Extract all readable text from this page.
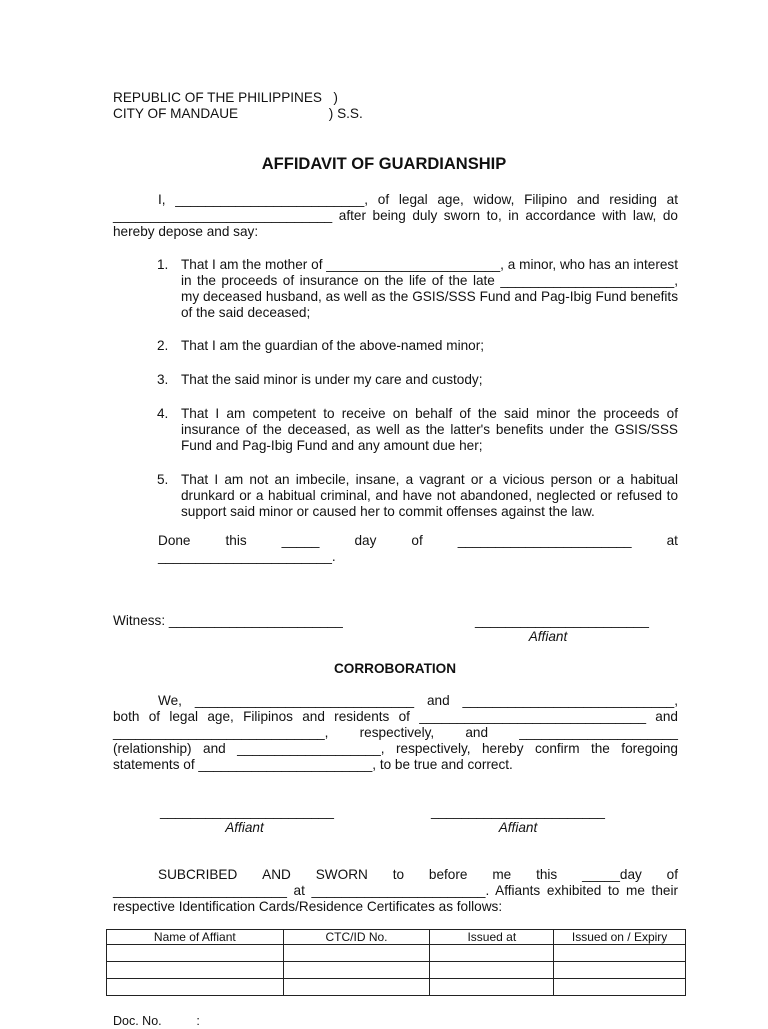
REPUBLIC OF THE PHILIPPINES   )
CITY OF MANDAUE                        ) S.S.
AFFIDAVIT OF GUARDIANSHIP

I, _________________________, of legal age, widow, Filipino and residing at

_____________________________ after being duly sworn to, in accordance with law, do

hereby depose and say:

1. That I am the mother of _______________________, a minor, who has an interest in the proceeds of insurance on the life of the late _______________________, my deceased husband, as well as the GSIS/SSS Fund and Pag-Ibig Fund benefits of the said deceased;
2. That I am the guardian of the above-named minor;
3. That the said minor is under my care and custody;
4. That I am competent to receive on behalf of the said minor the proceeds of insurance of the deceased, as well as the latter's benefits under the GSIS/SSS Fund and Pag-Ibig Fund and any amount due her;
5. That I am not an imbecile, insane, a vagrant or a vicious person or a habitual drunkard or a habitual criminal, and have not abandoned, neglected or refused to support said minor or caused her to commit offenses against the law.
Done	this	_____	day	of	_______________________	at
_______________________.
Witness: _______________________	_______________________
Affiant
CORROBORATION

We, _____________________________ and ____________________________,

both of legal age, Filipinos and residents of ______________________________ and

____________________________, respectively, and _____________________

(relationship) and ___________________, respectively, hereby confirm the foregoing

statements of _______________________, to be true and correct.

_______________________
Affiant
_______________________
Affiant
SUBCRIBED AND SWORN to before me this _____day of

_______________________ at _______________________. Affiants exhibited to me their

respective Identification Cards/Residence Certificates as follows:

Name of Affiant	CTC/ID No.	Issued at	Issued on / Expiry

Doc. No.          :
